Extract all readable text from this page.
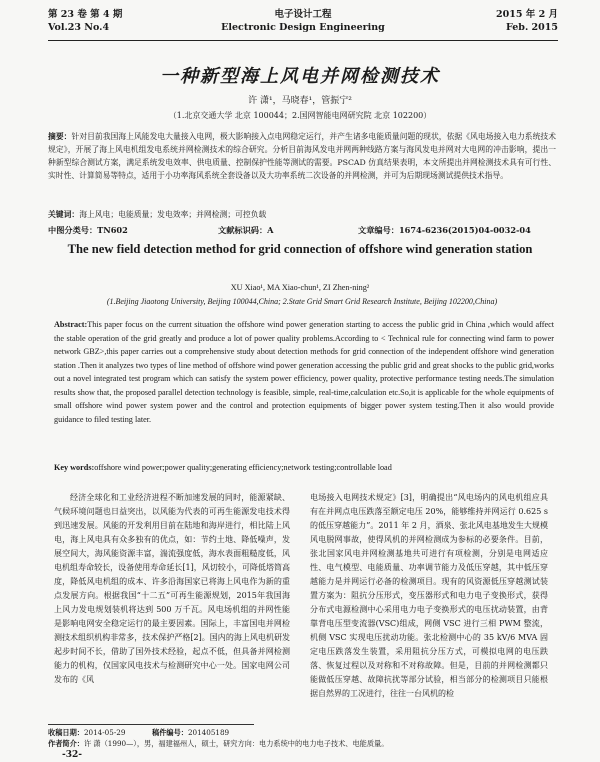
第 23 卷 第 4 期
Vol.23 No.4
电子设计工程
Electronic Design Engineering
2015 年 2 月
Feb. 2015
一种新型海上风电并网检测技术
许 潇¹，马晓春¹，管振宁²
（1.北京交通大学 北京 100044；2.国网智能电网研究院 北京 102200）
摘要：针对目前我国海上风能发电大量接入电网，极大影响接入点电网稳定运行，并产生诸多电能质量问题的现状，依据《风电场接入电力系统技术规定》，开展了海上风电机组发电系统并网检测技术的综合研究。分析目前海风发电并网两种线路方案与海风发电并网对大电网的冲击影响，提出一种新型综合测试方案，满足系统发电效率、供电质量、控制保护性能等测试的需要。PSCAD 仿真结果表明，本文所提出并网检测技术具有可行性、实时性、计算简易等特点，适用于小功率海风系统全套设备以及大功率系统二次设备的并网检测，并可为后期现场测试提供技术指导。
关键词：海上风电；电能质量；发电效率；并网检测；可控负载
中图分类号：TN602	文献标识码：A	文章编号：1674-6236(2015)04-0032-04
The new field detection method for grid connection of offshore wind generation station
XU Xiao¹, MA Xiao-chun¹, ZI Zhen-ning²
(1.Beijing Jiaotong University, Beijing 100044,China; 2.State Grid Smart Grid Research Institute, Beijing 102200,China)
Abstract:This paper focus on the current situation the offshore wind power generation starting to access the public grid in China ,which would affect the stable operation of the grid greatly and produce a lot of power quality problems.According to < Technical rule for connecting wind farm to power network GBZ>,this paper carries out a comprehensive study about detection methods for grid connection of the independent offshore wind generation station .Then it analyzes two types of line method of offshore wind power generation accessing the public grid and great shocks to the public grid,works out a novel integrated test program which can satisfy the system power efficiency, power quality, protective performance testing needs.The simulation results show that, the proposed parallel detection technology is feasible, simple, real-time,calculation etc.So,it is applicable for the whole equipments of small offshore wind power system power and the control and protection equipments of bigger power system testing.Then it also would provide guidance to filed testing later.
Key words:offshore wind power;power quality;generating efficiency;network testing;controllable load

经济全球化和工业经济进程不断加速发展的同时，能源紧缺、气候环境问题也日益突出，以风能为代表的可再生能源发电技术得到迅速发展。风能的开发利用目前在陆地和海岸进行，相比陆上风电，海上风电具有众多独有的优点，如：节约土地、降低噪声，发展空间大，海风能资源丰富，湍流强度低，海水表面粗糙度低，风电机组寿命较长，设备使用寿命延长[1]，风切较小，可降低塔筒高度，降低风电机组的成本、许多沿海国家已将海上风电作为新的重点发展方向。根据我国“十二五”可再生能源规划，2015年我国海上风力发电规划装机将达到 500 万千瓦。风电场机组的并网性能是影响电网安全稳定运行的最主要因素。国际上，丰富国电并网检测技术组织机构非常多，技术保护严格[2]。国内的海上风电机研发起步时间不长，借助了国外技术经验，起点不低，但具备并网检测能力的机构，仅国家风电技术与检测研究中心一处。国家电网公司发布的《风

电场接入电网技术规定》[3]，明确提出“风电场内的风电机组应具有在并网点电压跌落至额定电压 20%，能够维持并网运行 0.625 s 的低压穿越能力”。2011 年 2 月，酒泉、张北风电基地发生大规模风电脱网事故，使得风机的并网检测成为参标的必要条件。目前，张北国家风电并网检测基地共可进行有项检测，分别是电网适应性、电气模型、电能质量、功率调节能力及低压穿越，其中低压穿越能力是并网运行必备的检测项目。现有的风资源低压穿越测试装置方案为：阻抗分压形式，变压器形式和电力电子变换形式，获得分布式电源检测中心采用电力电子变换形式的电压扰动装置，由背靠背电压型变流器(VSC)组成，网侧 VSC 进行三相 PWM 整流，机侧 VSC 实现电压扰动功能。张北检测中心的 35 kV/6 MVA 固定电压跌落发生装置，采用阻抗分压方式，可模拟电网的电压跌落、恢复过程以及对称和不对称故障。但是，目前的并网检测都只能做低压穿越、故障抗扰等部分试验，相当部分的检测项目只能根据自然界的工况进行，往往一台风机的检

收稿日期：2014-05-29	稿件编号：201405189
作者简介：许 潇（1990—），男，福建福州人，硕士，研究方向：电力系统中的电力电子技术、电能质量。
-32-
